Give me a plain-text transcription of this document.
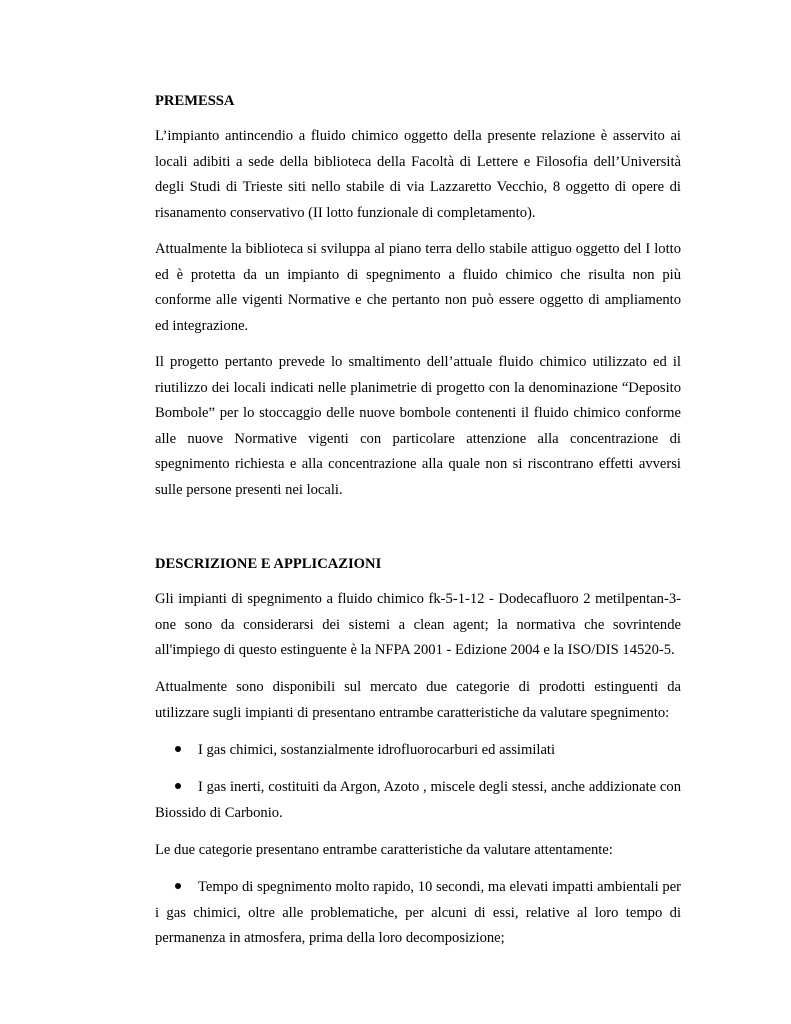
PREMESSA

L’impianto antincendio a fluido chimico oggetto della presente relazione è asservito ai locali adibiti a sede della biblioteca della Facoltà di Lettere e Filosofia dell’Università degli Studi di Trieste siti nello stabile di via Lazzaretto Vecchio, 8 oggetto di opere di risanamento conservativo (II lotto funzionale di completamento).

Attualmente la biblioteca si sviluppa al piano terra dello stabile attiguo oggetto del I lotto ed è protetta da un impianto di spegnimento a fluido chimico che risulta non più conforme alle vigenti Normative e che pertanto non può essere oggetto di ampliamento ed integrazione.

Il progetto pertanto prevede lo smaltimento dell’attuale fluido chimico utilizzato ed il riutilizzo dei locali indicati nelle planimetrie di progetto con la denominazione “Deposito Bombole” per lo stoccaggio delle nuove bombole contenenti il fluido chimico conforme alle nuove Normative vigenti con particolare attenzione alla concentrazione di spegnimento richiesta e alla concentrazione alla quale non si riscontrano effetti avversi sulle persone presenti nei locali.

DESCRIZIONE E APPLICAZIONI

Gli impianti di spegnimento a fluido chimico fk-5-1-12 - Dodecafluoro 2 metilpentan-3-one sono da considerarsi dei sistemi a clean agent; la normativa che sovrintende all'impiego di questo estinguente è la NFPA 2001 - Edizione 2004 e la ISO/DIS 14520-5.

Attualmente sono disponibili sul mercato due categorie di prodotti estinguenti da utilizzare sugli impianti di presentano entrambe caratteristiche da valutare spegnimento:

I gas chimici, sostanzialmente idrofluorocarburi ed assimilati

I gas inerti, costituiti da Argon, Azoto , miscele degli stessi, anche addizionate con Biossido di Carbonio.

Le due categorie presentano entrambe caratteristiche da valutare attentamente:

Tempo di spegnimento molto rapido, 10 secondi, ma elevati impatti ambientali per i gas chimici, oltre alle problematiche, per alcuni di essi, relative al loro tempo di permanenza in atmosfera, prima della loro decomposizione;
